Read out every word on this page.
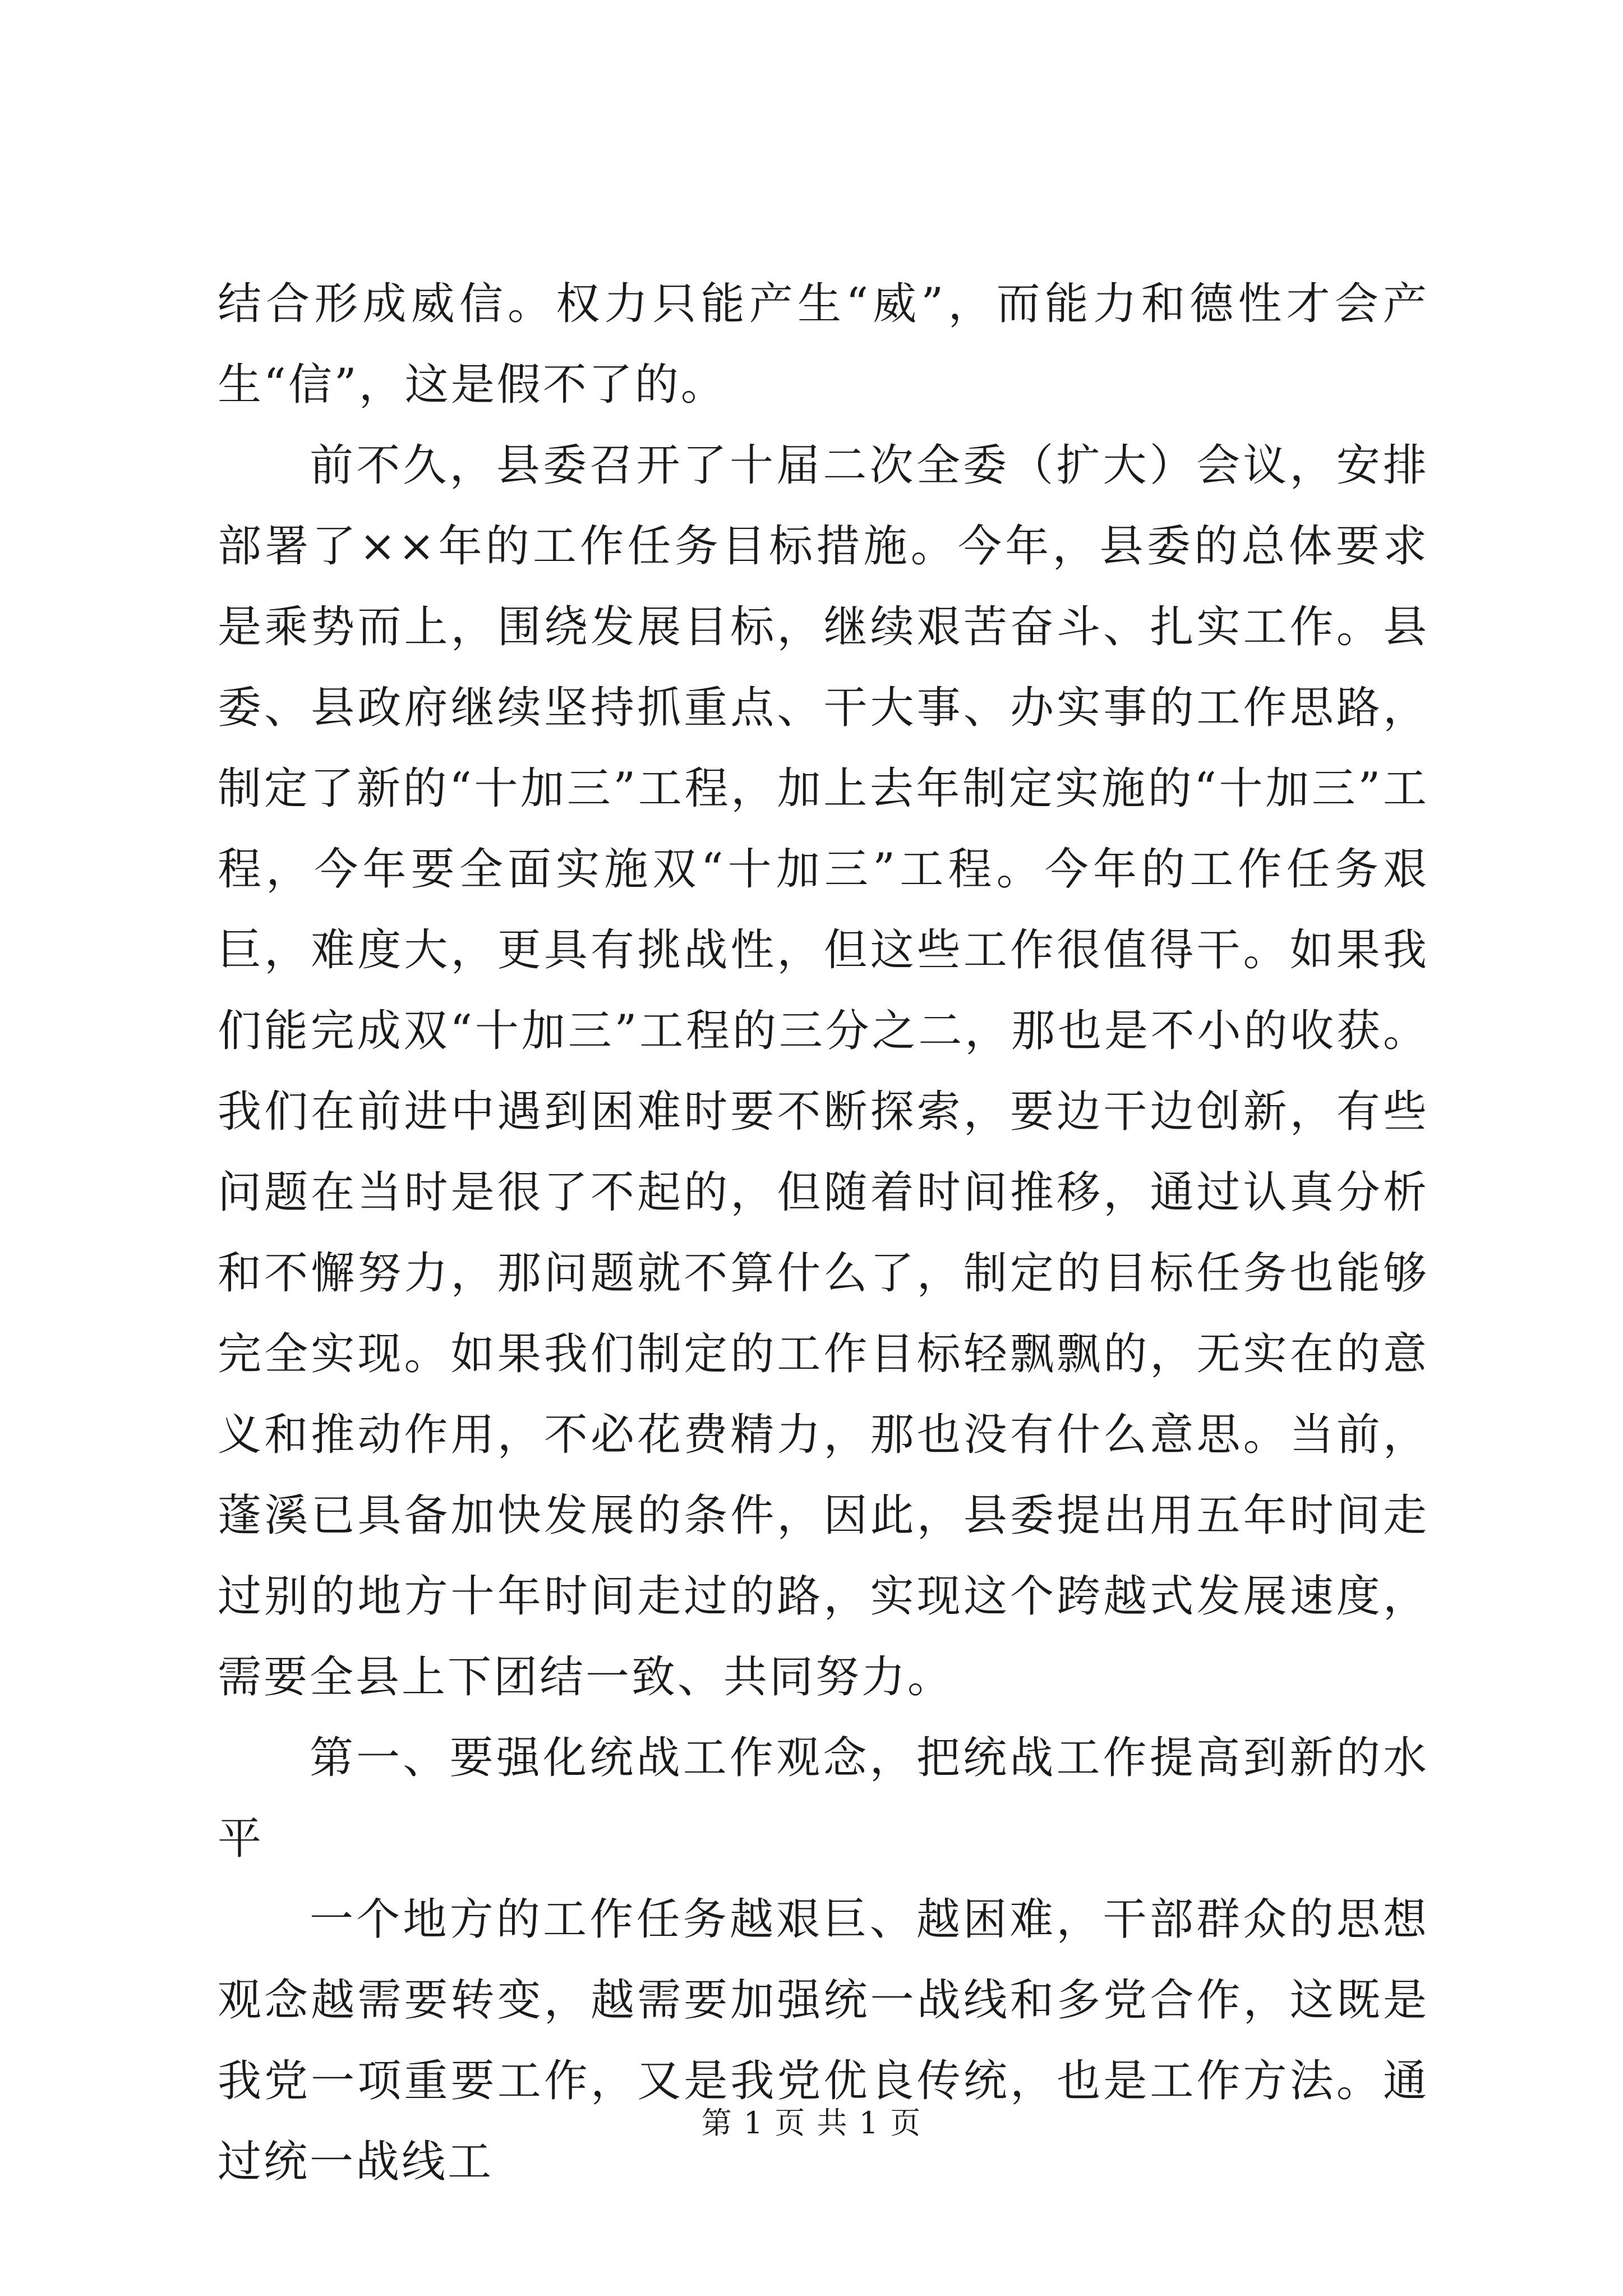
结合形成威信。权力只能产生“威”，而能力和德性才会产生“信”，这是假不了的。

前不久，县委召开了十届二次全委（扩大）会议，安排部署了××年的工作任务目标措施。今年，县委的总体要求是乘势而上，围绕发展目标，继续艰苦奋斗、扎实工作。县委、县政府继续坚持抓重点、干大事、办实事的工作思路，制定了新的“十加三”工程，加上去年制定实施的“十加三”工程，今年要全面实施双“十加三”工程。今年的工作任务艰巨，难度大，更具有挑战性，但这些工作很值得干。如果我们能完成双“十加三”工程的三分之二，那也是不小的收获。我们在前进中遇到困难时要不断探索，要边干边创新，有些问题在当时是很了不起的，但随着时间推移，通过认真分析和不懈努力，那问题就不算什么了，制定的目标任务也能够完全实现。如果我们制定的工作目标轻飘飘的，无实在的意义和推动作用，不必花费精力，那也没有什么意思。当前，蓬溪已具备加快发展的条件，因此，县委提出用五年时间走过别的地方十年时间走过的路，实现这个跨越式发展速度，需要全县上下团结一致、共同努力。

第一、要强化统战工作观念，把统战工作提高到新的水平

一个地方的工作任务越艰巨、越困难，干部群众的思想观念越需要转变，越需要加强统一战线和多党合作，这既是我党一项重要工作，又是我党优良传统，也是工作方法。通过统一战线工

第 1 页 共 1 页
